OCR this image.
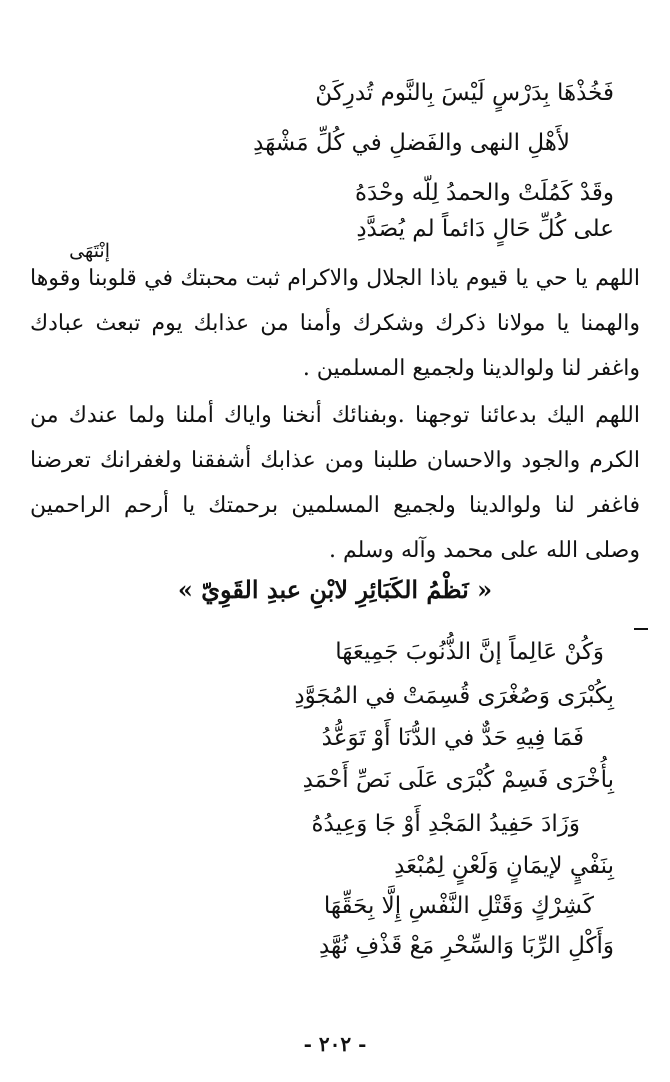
فَخُذْهَا بِدَرْسٍ لَيْسَ بِالنَّوم تُدرِكَنْ
لأَهْلِ النهى والفَضلِ في كُلِّ مَشْهَدِ
وقَدْ كَمُلَتْ والحمدُ لِلّه وحْدَهُ
على كُلِّ حَالٍ دَائماً لم يُصَدَّدِ
إنْتَهَى
اللهم يا حي يا قيوم ياذا الجلال والاكرام ثبت محبتك في قلوبنا وقوها والهمنا يا مولانا ذكرك وشكرك وأمنا من عذابك يوم تبعث عبادك واغفر لنا ولوالدينا ولجميع المسلمين .
اللهم اليك بدعائنا توجهنا .وبفنائك أنخنا واياك أملنا ولما عندك من الكرم والجود والاحسان طلبنا ومن عذابك أشفقنا ولغفرانك تعرضنا فاغفر لنا ولوالدينا ولجميع المسلمين برحمتك يا أرحم الراحمين وصلى الله على محمد وآله وسلم .
« نَظْمُ الكَبَائِرِ لابْنِ عبدِ القَوِيّ »
وَكُنْ عَالِماً إنَّ الذُّنُوبَ جَمِيعَهَا
بِكُبْرَى وَصُغْرَى قُسِمَتْ في المُجَوَّدِ
فَمَا فِيهِ حَدٌّ في الدُّنَا أَوْ تَوَعُّدُ
بِأُخْرَى فَسِمْ كُبْرَى عَلَى نَصِّ أَحْمَدِ
وَزَادَ حَفِيدُ المَجْدِ أَوْ جَا وَعِيدُهُ
بِنَفْيٍ لإيمَانٍ وَلَعْنٍ لِمُبْعَدِ
كَشِرْكٍ وَقَتْلِ النَّفْسِ إِلَّا بِحَقِّهَا
وَأَكْلِ الرِّبَا وَالسِّحْرِ مَعْ قَذْفِ نُهَّدِ
- ٢٠٢ -
